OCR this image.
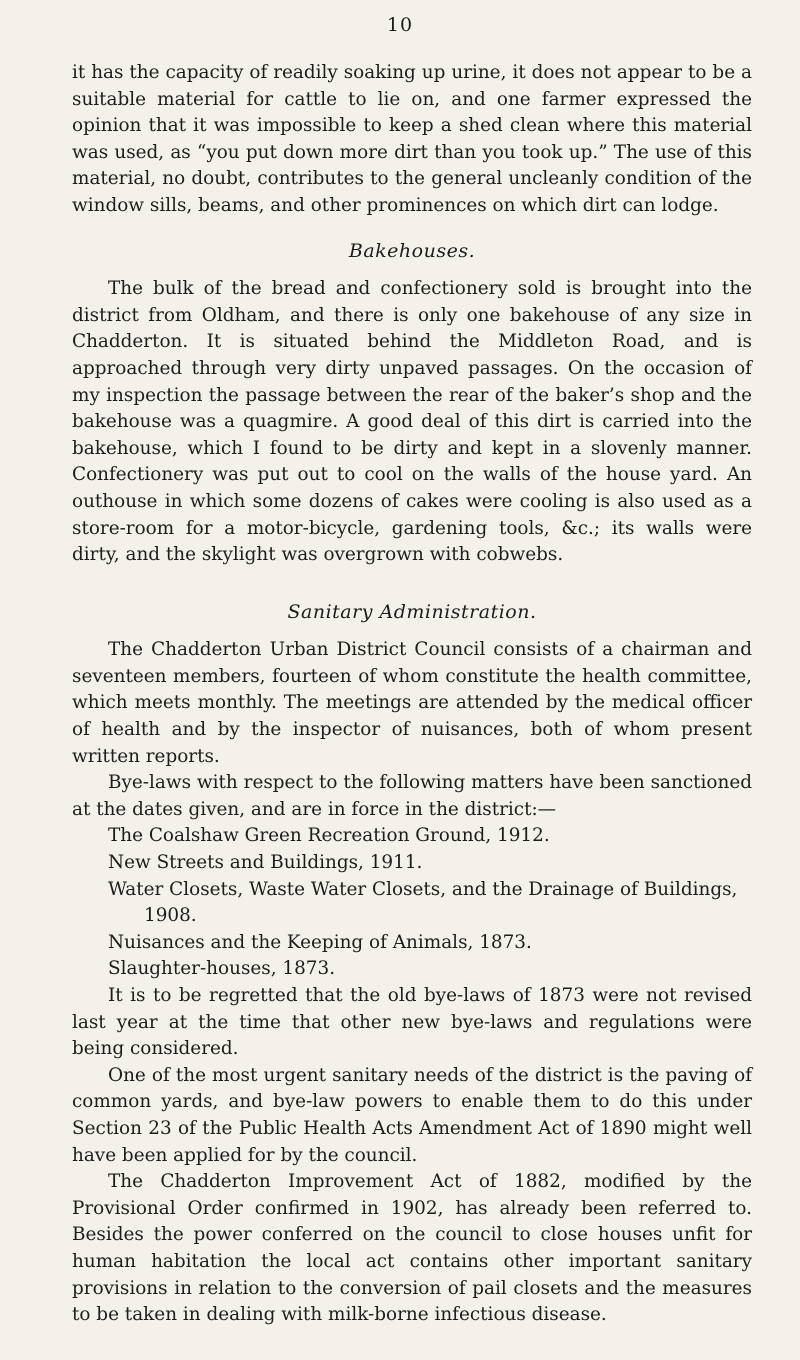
10

it has the capacity of readily soaking up urine, it does not appear to be a suitable material for cattle to lie on, and one farmer expressed the opinion that it was impossible to keep a shed clean where this material was used, as “you put down more dirt than you took up.” The use of this material, no doubt, contributes to the general uncleanly condition of the window sills, beams, and other prominences on which dirt can lodge.

Bakehouses.

The bulk of the bread and confectionery sold is brought into the district from Oldham, and there is only one bakehouse of any size in Chadderton. It is situated behind the Middleton Road, and is approached through very dirty unpaved passages. On the occasion of my inspection the passage between the rear of the baker’s shop and the bakehouse was a quagmire. A good deal of this dirt is carried into the bakehouse, which I found to be dirty and kept in a slovenly manner. Confectionery was put out to cool on the walls of the house yard. An outhouse in which some dozens of cakes were cooling is also used as a store-room for a motor-bicycle, gardening tools, &c.; its walls were dirty, and the skylight was overgrown with cobwebs.

Sanitary Administration.

The Chadderton Urban District Council consists of a chairman and seventeen members, fourteen of whom constitute the health committee, which meets monthly. The meetings are attended by the medical officer of health and by the inspector of nuisances, both of whom present written reports.

Bye-laws with respect to the following matters have been sanctioned at the dates given, and are in force in the district:—

The Coalshaw Green Recreation Ground, 1912.
New Streets and Buildings, 1911.
Water Closets, Waste Water Closets, and the Drainage of Buildings, 1908.
Nuisances and the Keeping of Animals, 1873.
Slaughter-houses, 1873.

It is to be regretted that the old bye-laws of 1873 were not revised last year at the time that other new bye-laws and regulations were being considered.

One of the most urgent sanitary needs of the district is the paving of common yards, and bye-law powers to enable them to do this under Section 23 of the Public Health Acts Amendment Act of 1890 might well have been applied for by the council.

The Chadderton Improvement Act of 1882, modified by the Provisional Order confirmed in 1902, has already been referred to. Besides the power conferred on the council to close houses unfit for human habitation the local act contains other important sanitary provisions in relation to the conversion of pail closets and the measures to be taken in dealing with milk-borne infectious disease.
